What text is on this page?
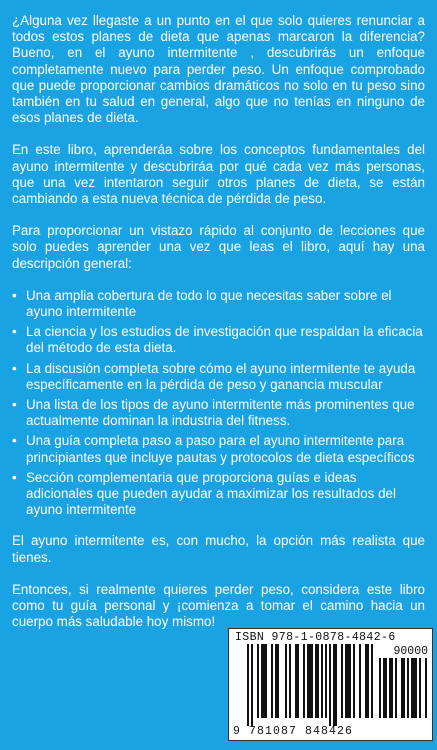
¿Alguna vez llegaste a un punto en el que solo quieres renunciar a todos estos planes de dieta que apenas marcaron la diferencia? Bueno, en el ayuno intermitente , descubrirás un enfoque completamente nuevo para perder peso. Un enfoque comprobado que puede proporcionar cambios dramáticos no solo en tu peso sino también en tu salud en general, algo que no tenías en ninguno de esos planes de dieta.

En este libro, aprenderáa sobre los conceptos fundamentales del ayuno intermitente y descubriráa por qué cada vez más personas, que una vez intentaron seguir otros planes de dieta, se están cambiando a esta nueva técnica de pérdida de peso.

Para proporcionar un vistazo rápido al conjunto de lecciones que solo puedes aprender una vez que leas el libro, aquí hay una descripción general:

• Una amplia cobertura de todo lo que necesitas saber sobre el ayuno intermitente
• La ciencia y los estudios de investigación que respaldan la eficacia del método de esta dieta.
• La discusión completa sobre cómo el ayuno intermitente te ayuda específicamente en la pérdida de peso y ganancia muscular
• Una lista de los tipos de ayuno intermitente más prominentes que actualmente dominan la industria del fitness.
• Una guía completa paso a paso para el ayuno intermitente para principiantes que incluye pautas y protocolos de dieta específicos
• Sección complementaria que proporciona guías e ideas adicionales que pueden ayudar a maximizar los resultados del ayuno intermitente

El ayuno intermitente es, con mucho, la opción más realista que tienes.

Entonces, si realmente quieres perder peso, considera este libro como tu guía personal y ¡comienza a tomar el camino hacia un cuerpo más saludable hoy mismo!

ISBN 978-1-0878-4842-6
90000
9 781087 848426
